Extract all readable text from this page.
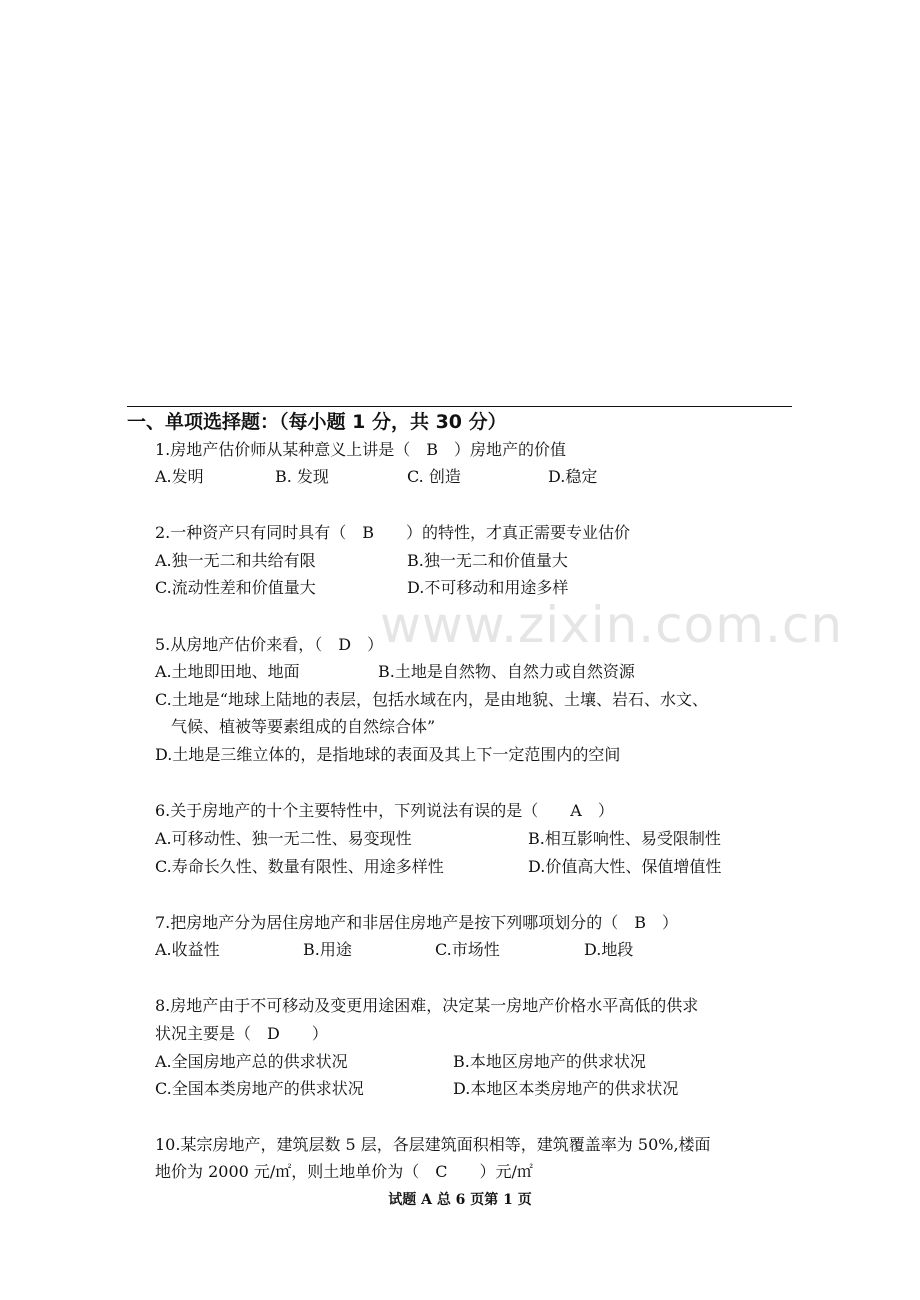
一、单项选择题：（每小题 1 分，共 30 分）
1.房地产估价师从某种意义上讲是（　B　）房地产的价值
A.发明	B. 发现	C. 创造	D.稳定
2.一种资产只有同时具有（　B　　）的特性，才真正需要专业估价
A.独一无二和共给有限	B.独一无二和价值量大
C.流动性差和价值量大	D.不可移动和用途多样
www.zixin.com.cn
5.从房地产估价来看，（　D　）
A.土地即田地、地面	B.土地是自然物、自然力或自然资源
C.土地是“地球上陆地的表层，包括水域在内，是由地貌、土壤、岩石、水文、
气候、植被等要素组成的自然综合体”
D.土地是三维立体的，是指地球的表面及其上下一定范围内的空间
6.关于房地产的十个主要特性中，下列说法有误的是（　　A　）
A.可移动性、独一无二性、易变现性	B.相互影响性、易受限制性
C.寿命长久性、数量有限性、用途多样性	D.价值高大性、保值增值性
7.把房地产分为居住房地产和非居住房地产是按下列哪项划分的（　B　）
A.收益性	B.用途	C.市场性	D.地段
8.房地产由于不可移动及变更用途困难，决定某一房地产价格水平高低的供求
状况主要是（　D　　）
A.全国房地产总的供求状况	B.本地区房地产的供求状况
C.全国本类房地产的供求状况	D.本地区本类房地产的供求状况
10.某宗房地产，建筑层数 5 层，各层建筑面积相等，建筑覆盖率为 50%,楼面
地价为 2000 元/㎡，则土地单价为（　C　　）元/㎡
试题 A 总 6 页第 1 页
